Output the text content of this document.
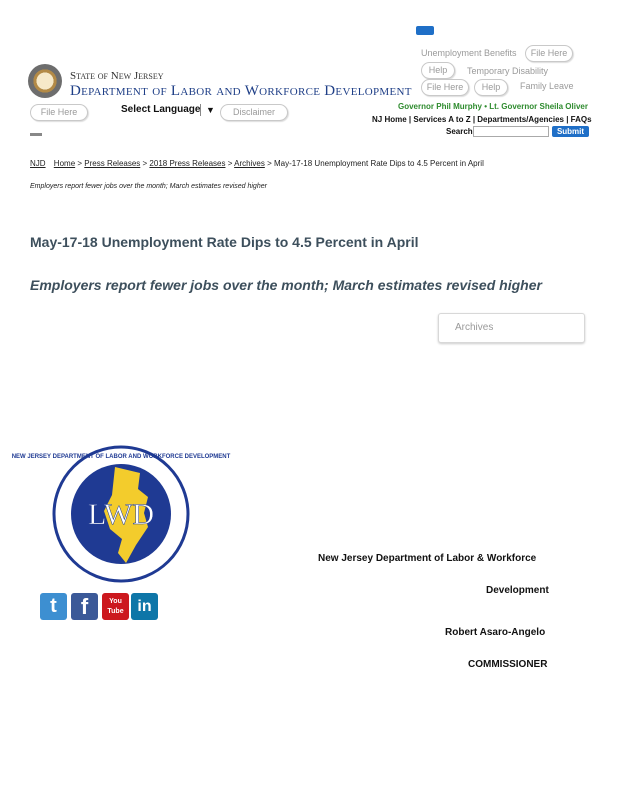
Unemployment Benefits	File Here
Help	Temporary Disability
File Here	Help	Family Leave
State of New Jersey
Department of Labor and Workforce Development
File Here	Select Language ▼	Disclaimer
Governor Phil Murphy • Lt. Governor Sheila Oliver
NJ Home | Services A to Z | Departments/Agencies | FAQs
Search	Submit
NJD Home > Press Releases > 2018 Press Releases > Archives > May-17-18 Unemployment Rate Dips to 4.5 Percent in April
Employers report fewer jobs over the month; March estimates revised higher
May-17-18 Unemployment Rate Dips to 4.5 Percent in April
Employers report fewer jobs over the month; March estimates revised higher
Archives
LWD
NEW JERSEY DEPARTMENT OF LABOR AND WORKFORCE DEVELOPMENT
t	f	You Tube in
New Jersey Department of Labor & Workforce
Development
Robert Asaro-Angelo
COMMISSIONER
